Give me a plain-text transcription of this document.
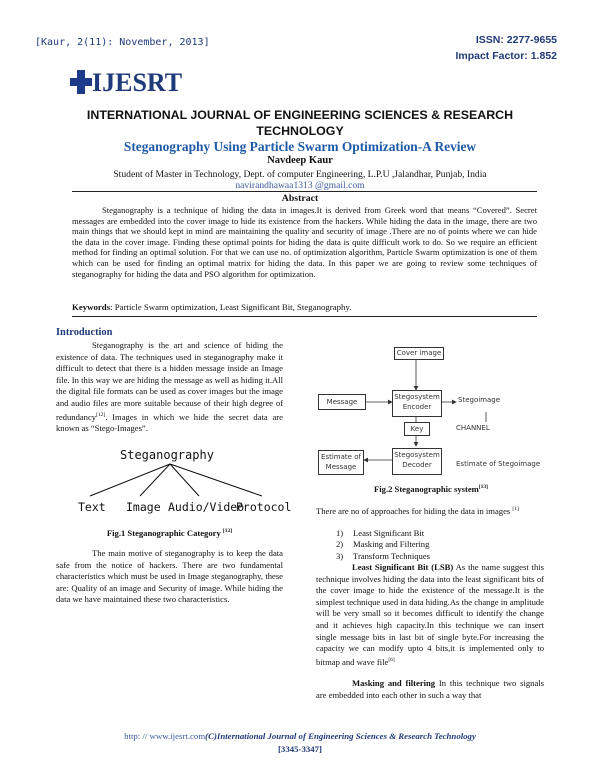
[Kaur, 2(11): November, 2013]	ISSN: 2277-9655
Impact Factor: 1.852
IJESRT
INTERNATIONAL JOURNAL OF ENGINEERING SCIENCES & RESEARCH
TECHNOLOGY
Steganography Using Particle Swarm Optimization-A Review
Navdeep Kaur
Student of Master in Technology, Dept. of computer Engineering, L.P.U ,Jalandhar, Punjab, India
navirandhawaa1313 @gmail.com
Abstract
Steganography is a technique of hiding the data in images.It is derived from Greek word that means “Covered”. Secret messages are embedded into the cover image to hide its existence from the hackers. While hiding the data in the image, there are two main things that we should kept in mind are maintaining the quality and security of image .There are no of points where we can hide the data in the cover image. Finding these optimal points for hiding the data is quite difficult work to do. So we require an efficient method for finding an optimal solution. For that we can use no. of optimization algorithm, Particle Swarm optimization is one of them which can be used for finding an optimal matrix for hiding the data. In this paper we are going to review some techniques of steganography for hiding the data and PSO algorithm for optimization.
Keywords: Particle Swarm optimization, Least Significant Bit, Steganography.
Introduction
Steganography is the art and science of hiding the existence of data. The techniques used in steganography make it difficult to detect that there is a hidden message inside an Image file. In this way we are hiding the message as well as hiding it.All the digital file formats can be used as cover images but the image and audio files are more suitable because of their high degree of redundancy[12]. Images in which we hide the secret data are known as “Stego-Images”.
Steganography
Text Image Audio/Video
Protocol
Fig.1 Steganographic Category [12]
The main motive of steganography is to keep the data safe from the notice of hackers. There are two fundamental characteristics which must be used in Image steganography, these are: Quality of an image and Security of image. While hiding the data we have maintained these two characteristics.
Cover image
Message
Stegosystem
Encoder
Stegoimage
Key	CHANNEL
Estimate of
Message
Stegosystem
Decoder	Estimate of Stegoimage
Fig.2 Steganographic system[13]
There are no of approaches for hiding the data in images [1]
1) Least Significant Bit
2) Masking and Filtering
3) Transform Techniques
Least Significant Bit (LSB) As the name suggest this technique involves hiding the data into the least significant bits of the cover image to hide the existence of the message.It is the simplest technique used in data hiding.As the change in amplitude will be very small so it becomes difficult to identify the change and it achieves high capacity.In this technique we can insert single message bits in last bit of single byte.For increasing the capacity we can modify upto 4 bits,it is implemented only to bitmap and wave file[6]
Masking and filtering In this technique two signals are embedded into each other in such a way that
http: // www.ijesrt.com(C)International Journal of Engineering Sciences & Research Technology
[3345-3347]
